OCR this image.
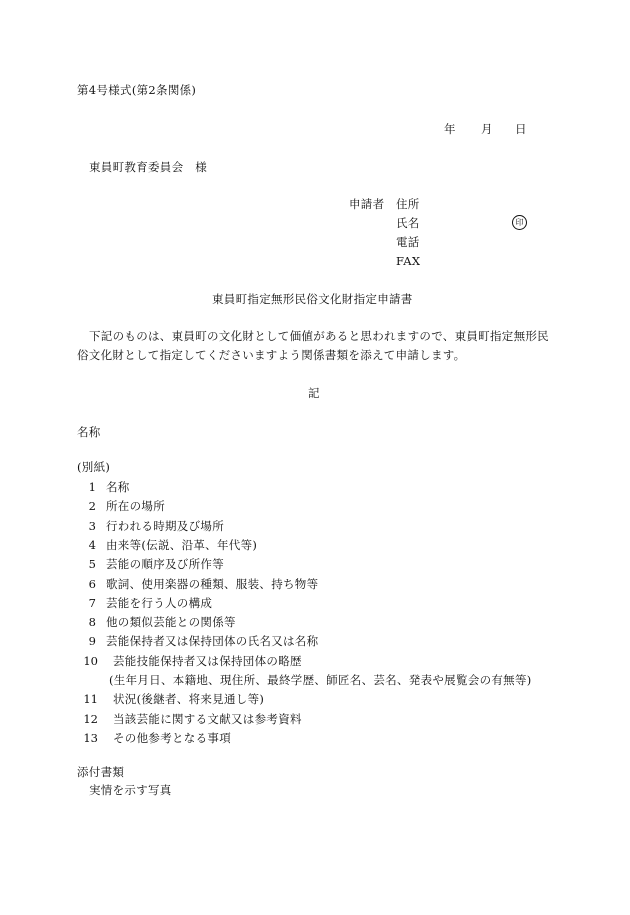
第4号様式(第2条関係)
年 月 日
東員町教育委員会　様
申請者 住所
氏名	印
電話
FAX
東員町指定無形民俗文化財指定申請書
下記のものは、東員町の文化財として価値があると思われますので、東員町指定無形民
俗文化財として指定してくださいますよう関係書類を添えて申請します。
記
名称
(別紙)
1 名称
2 所在の場所
3 行われる時期及び場所
4 由来等(伝説、沿革、年代等)
5 芸能の順序及び所作等
6 歌詞、使用楽器の種類、服装、持ち物等
7 芸能を行う人の構成
8 他の類似芸能との関係等
9 芸能保持者又は保持団体の氏名又は名称
10 芸能技能保持者又は保持団体の略歴
(生年月日、本籍地、現住所、最終学歴、師匠名、芸名、発表や展覧会の有無等)
11 状況(後継者、将来見通し等)
12 当該芸能に関する文献又は参考資料
13 その他参考となる事項
添付書類
実情を示す写真
